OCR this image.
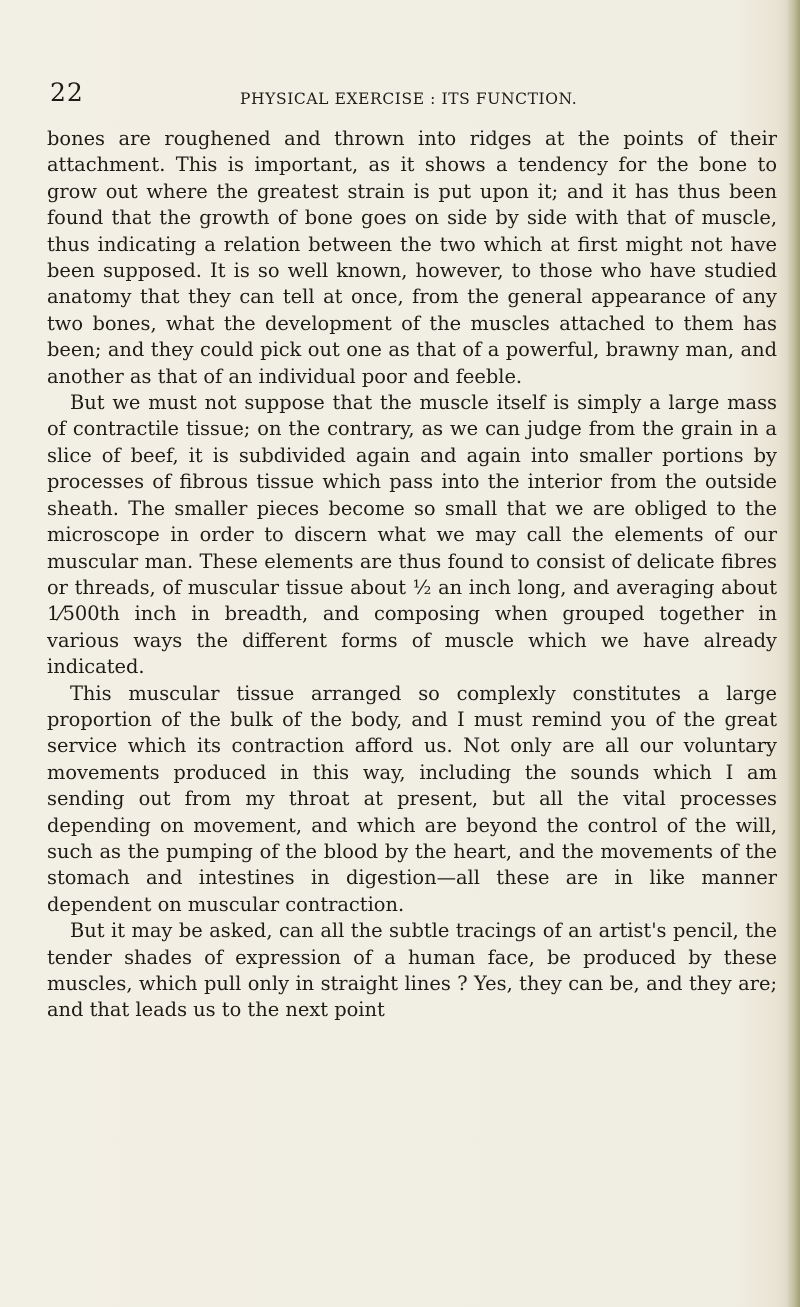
22	PHYSICAL EXERCISE : ITS FUNCTION.

bones are roughened and thrown into ridges at the points of their attachment. This is important, as it shows a tendency for the bone to grow out where the greatest strain is put upon it; and it has thus been found that the growth of bone goes on side by side with that of muscle, thus indicating a relation between the two which at first might not have been supposed. It is so well known, however, to those who have studied anatomy that they can tell at once, from the general appearance of any two bones, what the development of the muscles attached to them has been; and they could pick out one as that of a powerful, brawny man, and another as that of an individual poor and feeble.

But we must not suppose that the muscle itself is simply a large mass of contractile tissue; on the contrary, as we can judge from the grain in a slice of beef, it is subdivided again and again into smaller portions by processes of fibrous tissue which pass into the interior from the outside sheath. The smaller pieces become so small that we are obliged to the microscope in order to discern what we may call the elements of our muscular man. These elements are thus found to consist of delicate fibres or threads, of muscular tissue about ½ an inch long, and averaging about 1⁄500th inch in breadth, and composing when grouped together in various ways the different forms of muscle which we have already indicated.

This muscular tissue arranged so complexly constitutes a large proportion of the bulk of the body, and I must remind you of the great service which its contraction afford us. Not only are all our voluntary movements produced in this way, including the sounds which I am sending out from my throat at present, but all the vital processes depending on movement, and which are beyond the control of the will, such as the pumping of the blood by the heart, and the movements of the stomach and intestines in digestion—all these are in like manner dependent on muscular contraction.

But it may be asked, can all the subtle tracings of an artist's pencil, the tender shades of expression of a human face, be produced by these muscles, which pull only in straight lines ? Yes, they can be, and they are; and that leads us to the next point
